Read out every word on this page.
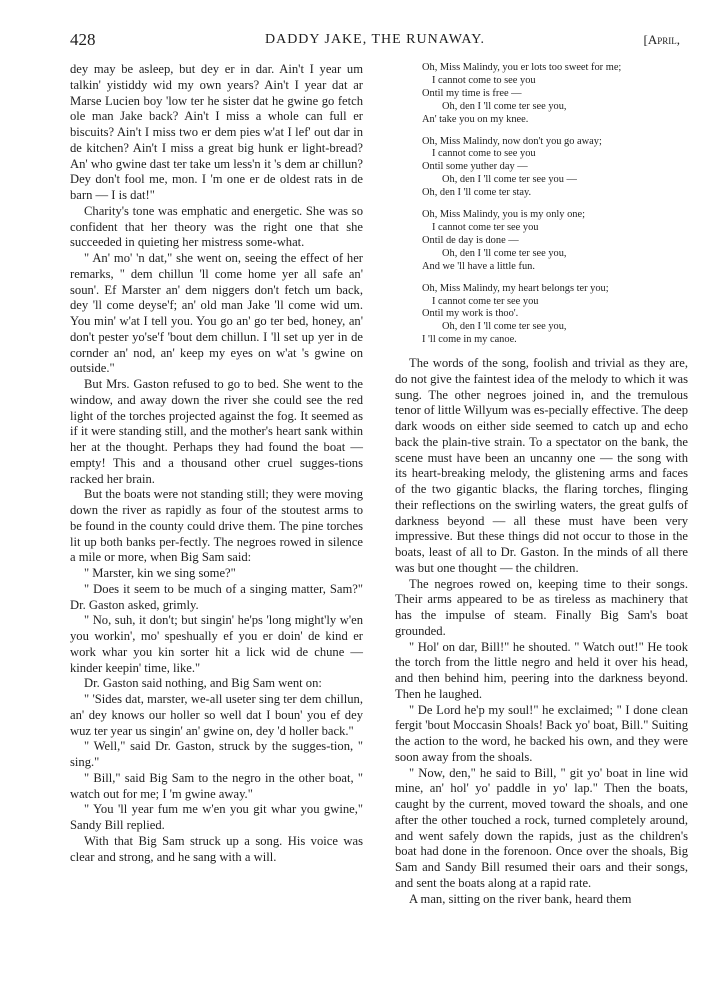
428	DADDY JAKE, THE RUNAWAY.	[April,

dey may be asleep, but dey er in dar. Ain't I year um talkin' yistiddy wid my own years? Ain't I year dat ar Marse Lucien boy 'low ter he sister dat he gwine go fetch ole man Jake back? Ain't I miss a whole can full er biscuits? Ain't I miss two er dem pies w'at I lef' out dar in de kitchen? Ain't I miss a great big hunk er light-bread? An' who gwine dast ter take um less'n it 's dem ar chillun? Dey don't fool me, mon. I 'm one er de oldest rats in de barn — I is dat!"

Charity's tone was emphatic and energetic. She was so confident that her theory was the right one that she succeeded in quieting her mistress some-what.

" An' mo' 'n dat," she went on, seeing the effect of her remarks, " dem chillun 'll come home yer all safe an' soun'. Ef Marster an' dem niggers don't fetch um back, dey 'll come deyse'f; an' old man Jake 'll come wid um. You min' w'at I tell you. You go an' go ter bed, honey, an' don't pester yo'se'f 'bout dem chillun. I 'll set up yer in de cornder an' nod, an' keep my eyes on w'at 's gwine on outside."

But Mrs. Gaston refused to go to bed. She went to the window, and away down the river she could see the red light of the torches projected against the fog. It seemed as if it were standing still, and the mother's heart sank within her at the thought. Perhaps they had found the boat — empty! This and a thousand other cruel sugges-tions racked her brain.

But the boats were not standing still; they were moving down the river as rapidly as four of the stoutest arms to be found in the county could drive them. The pine torches lit up both banks per-fectly. The negroes rowed in silence a mile or more, when Big Sam said:

" Marster, kin we sing some?"

" Does it seem to be much of a singing matter, Sam?" Dr. Gaston asked, grimly.

" No, suh, it don't; but singin' he'ps 'long might'ly w'en you workin', mo' speshually ef you er doin' de kind er work whar you kin sorter hit a lick wid de chune — kinder keepin' time, like."

Dr. Gaston said nothing, and Big Sam went on:

" 'Sides dat, marster, we-all useter sing ter dem chillun, an' dey knows our holler so well dat I boun' you ef dey wuz ter year us singin' an' gwine on, dey 'd holler back."

" Well," said Dr. Gaston, struck by the sugges-tion, " sing."

" Bill," said Big Sam to the negro in the other boat, " watch out for me; I 'm gwine away."

" You 'll year fum me w'en you git whar you gwine," Sandy Bill replied.

With that Big Sam struck up a song. His voice was clear and strong, and he sang with a will.

Oh, Miss Malindy, you er lots too sweet for me;
I cannot come to see you
Ontil my time is free —
Oh, den I 'll come ter see you,
An' take you on my knee.
Oh, Miss Malindy, now don't you go away;
I cannot come to see you
Ontil some yuther day —
Oh, den I 'll come ter see you —
Oh, den I 'll come ter stay.
Oh, Miss Malindy, you is my only one;
I cannot come ter see you
Ontil de day is done —
Oh, den I 'll come ter see you,
And we 'll have a little fun.
Oh, Miss Malindy, my heart belongs ter you;
I cannot come ter see you
Ontil my work is thoo'.
Oh, den I 'll come ter see you,
I 'll come in my canoe.

The words of the song, foolish and trivial as they are, do not give the faintest idea of the melody to which it was sung. The other negroes joined in, and the tremulous tenor of little Willyum was es-pecially effective. The deep dark woods on either side seemed to catch up and echo back the plain-tive strain. To a spectator on the bank, the scene must have been an uncanny one — the song with its heart-breaking melody, the glistening arms and faces of the two gigantic blacks, the flaring torches, flinging their reflections on the swirling waters, the great gulfs of darkness beyond — all these must have been very impressive. But these things did not occur to those in the boats, least of all to Dr. Gaston. In the minds of all there was but one thought — the children.

The negroes rowed on, keeping time to their songs. Their arms appeared to be as tireless as machinery that has the impulse of steam. Finally Big Sam's boat grounded.

" Hol' on dar, Bill!" he shouted. " Watch out!" He took the torch from the little negro and held it over his head, and then behind him, peering into the darkness beyond. Then he laughed.

" De Lord he'p my soul!" he exclaimed; " I done clean fergit 'bout Moccasin Shoals! Back yo' boat, Bill." Suiting the action to the word, he backed his own, and they were soon away from the shoals.

" Now, den," he said to Bill, " git yo' boat in line wid mine, an' hol' yo' paddle in yo' lap." Then the boats, caught by the current, moved toward the shoals, and one after the other touched a rock, turned completely around, and went safely down the rapids, just as the children's boat had done in the forenoon. Once over the shoals, Big Sam and Sandy Bill resumed their oars and their songs, and sent the boats along at a rapid rate.

A man, sitting on the river bank, heard them
